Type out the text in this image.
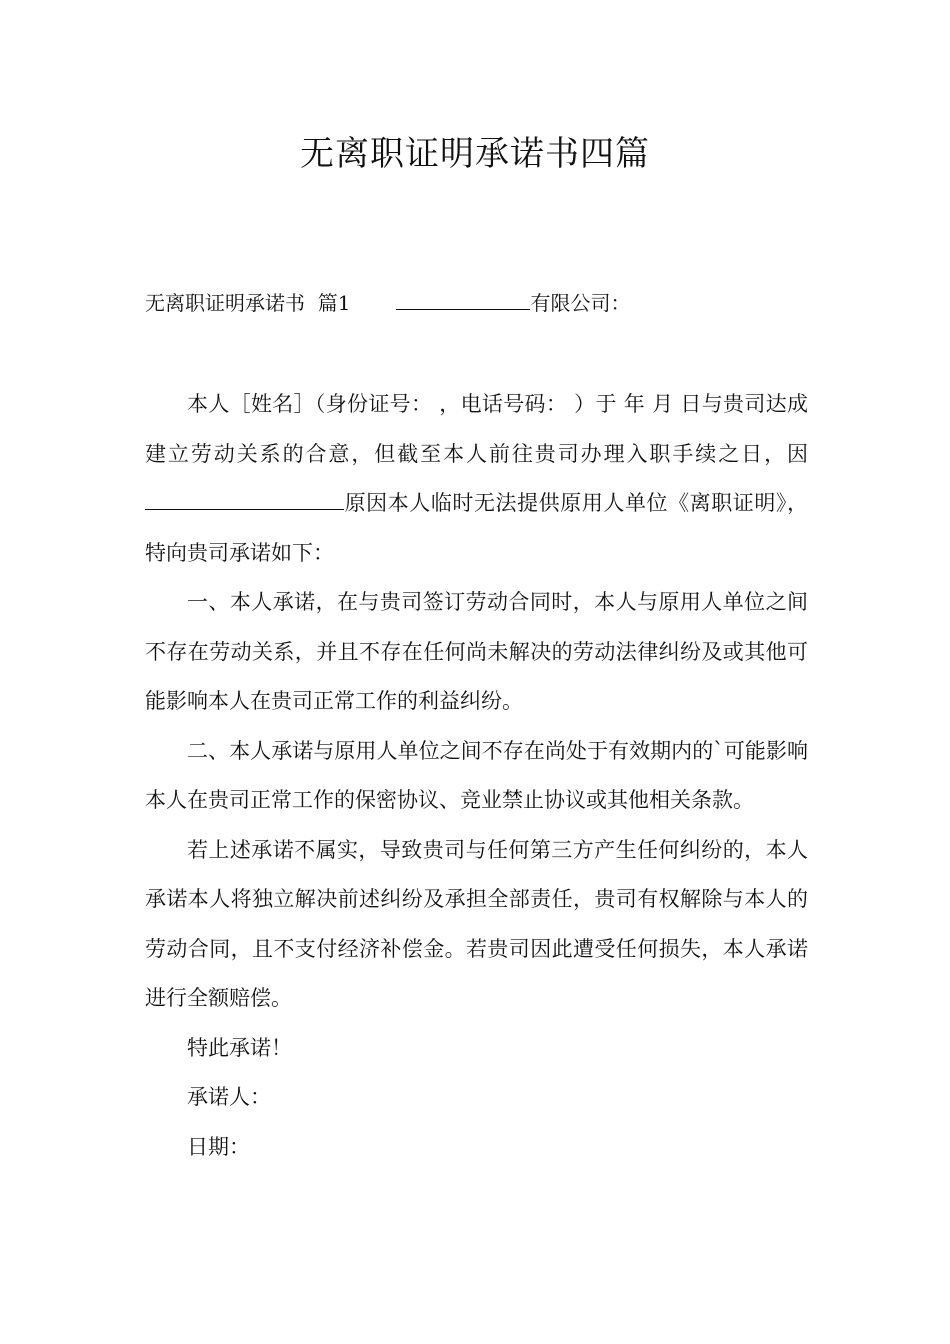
无离职证明承诺书四篇
无离职证明承诺书  篇1	有限公司：

本人［姓名］（身份证号： ，电话号码： ）于 年 月 日与贵司达成建立劳动关系的合意，但截至本人前往贵司办理入职手续之日，因原因本人临时无法提供原用人单位《离职证明》，特向贵司承诺如下：

一、本人承诺，在与贵司签订劳动合同时，本人与原用人单位之间不存在劳动关系，并且不存在任何尚未解决的劳动法律纠纷及或其他可能影响本人在贵司正常工作的利益纠纷。

二、本人承诺与原用人单位之间不存在尚处于有效期内的`可能影响本人在贵司正常工作的保密协议、竞业禁止协议或其他相关条款。

若上述承诺不属实，导致贵司与任何第三方产生任何纠纷的，本人承诺本人将独立解决前述纠纷及承担全部责任，贵司有权解除与本人的劳动合同，且不支付经济补偿金。若贵司因此遭受任何损失，本人承诺进行全额赔偿。

特此承诺！

承诺人：

日期：
